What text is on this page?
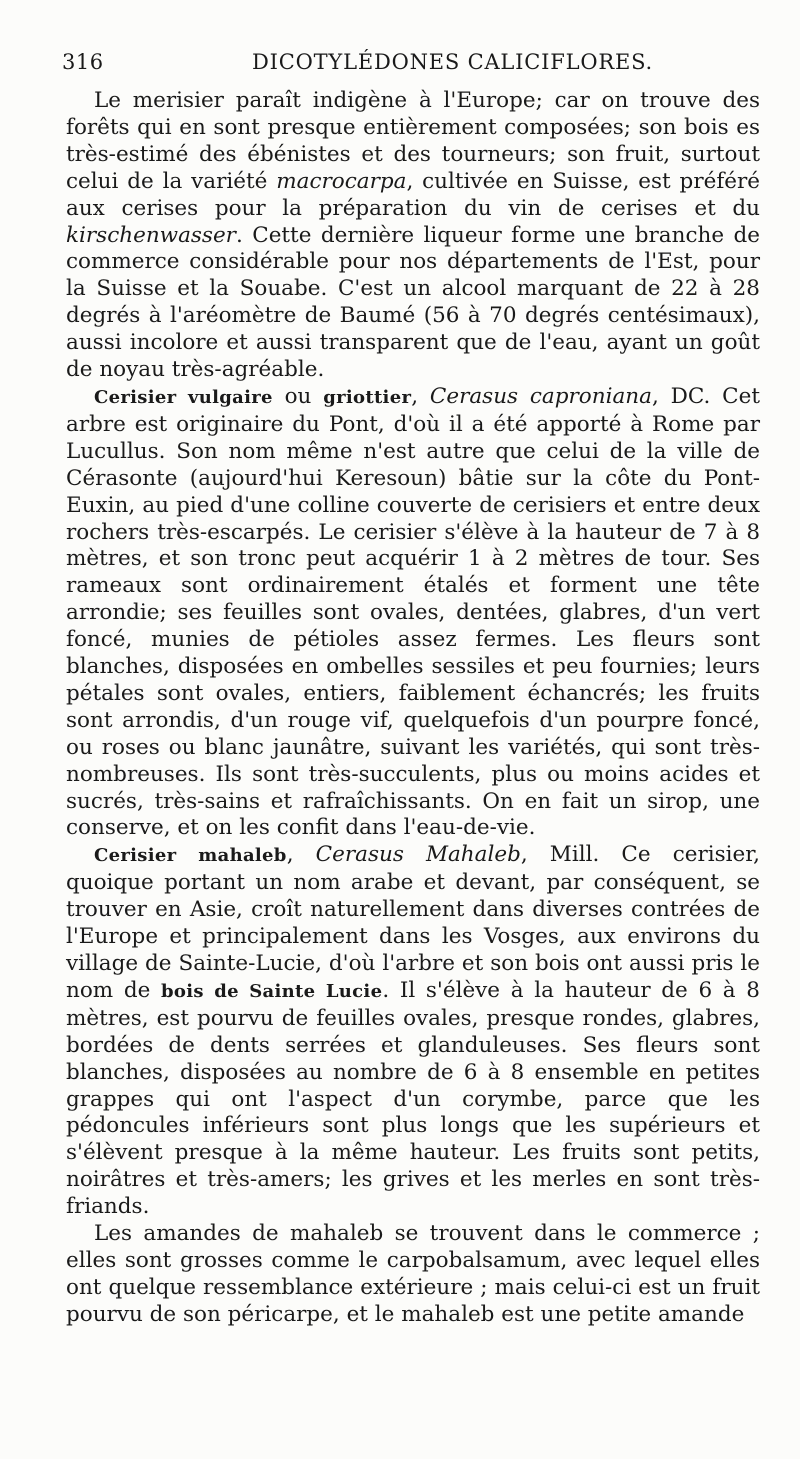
316	DICOTYLÉDONES CALICIFLORES.

Le merisier paraît indigène à l'Europe; car on trouve des forêts qui en sont presque entièrement composées; son bois es très-estimé des ébénistes et des tourneurs; son fruit, surtout celui de la variété macrocarpa, cultivée en Suisse, est préféré aux cerises pour la préparation du vin de cerises et du kirschenwasser. Cette dernière liqueur forme une branche de commerce considérable pour nos départements de l'Est, pour la Suisse et la Souabe. C'est un alcool marquant de 22 à 28 degrés à l'aréomètre de Baumé (56 à 70 degrés centésimaux), aussi incolore et aussi transparent que de l'eau, ayant un goût de noyau très-agréable.

Cerisier vulgaire ou griottier, Cerasus caproniana, DC. Cet arbre est originaire du Pont, d'où il a été apporté à Rome par Lucullus. Son nom même n'est autre que celui de la ville de Cérasonte (aujourd'hui Keresoun) bâtie sur la côte du Pont-Euxin, au pied d'une colline couverte de cerisiers et entre deux rochers très-escarpés. Le cerisier s'élève à la hauteur de 7 à 8 mètres, et son tronc peut acquérir 1 à 2 mètres de tour. Ses rameaux sont ordinairement étalés et forment une tête arrondie; ses feuilles sont ovales, dentées, glabres, d'un vert foncé, munies de pétioles assez fermes. Les fleurs sont blanches, disposées en ombelles sessiles et peu fournies; leurs pétales sont ovales, entiers, faiblement échancrés; les fruits sont arrondis, d'un rouge vif, quelquefois d'un pourpre foncé, ou roses ou blanc jaunâtre, suivant les variétés, qui sont très-nombreuses. Ils sont très-succulents, plus ou moins acides et sucrés, très-sains et rafraîchissants. On en fait un sirop, une conserve, et on les confit dans l'eau-de-vie.

Cerisier mahaleb, Cerasus Mahaleb, Mill. Ce cerisier, quoique portant un nom arabe et devant, par conséquent, se trouver en Asie, croît naturellement dans diverses contrées de l'Europe et principalement dans les Vosges, aux environs du village de Sainte-Lucie, d'où l'arbre et son bois ont aussi pris le nom de bois de Sainte Lucie. Il s'élève à la hauteur de 6 à 8 mètres, est pourvu de feuilles ovales, presque rondes, glabres, bordées de dents serrées et glanduleuses. Ses fleurs sont blanches, disposées au nombre de 6 à 8 ensemble en petites grappes qui ont l'aspect d'un corymbe, parce que les pédoncules inférieurs sont plus longs que les supérieurs et s'élèvent presque à la même hauteur. Les fruits sont petits, noirâtres et très-amers; les grives et les merles en sont très-friands.

Les amandes de mahaleb se trouvent dans le commerce ; elles sont grosses comme le carpobalsamum, avec lequel elles ont quelque ressemblance extérieure ; mais celui-ci est un fruit pourvu de son péricarpe, et le mahaleb est une petite amande
